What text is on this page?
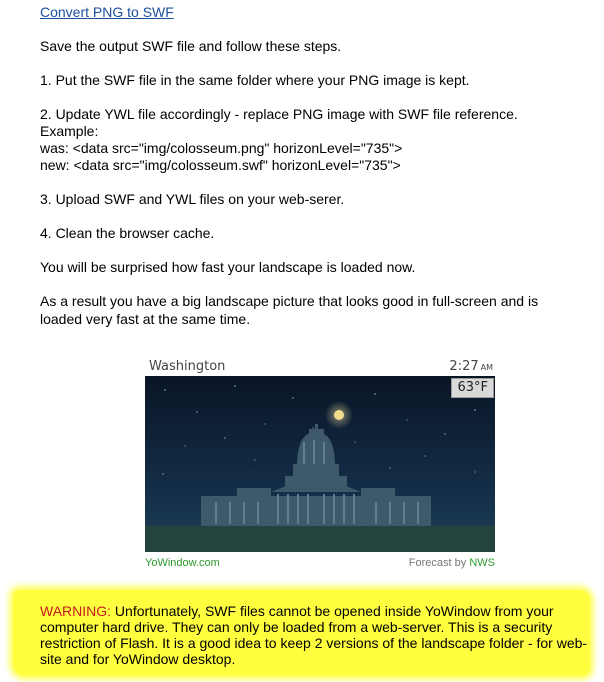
Convert PNG to SWF
Save the output SWF file and follow these steps.
1. Put the SWF file in the same folder where your PNG image is kept.
2. Update YWL file accordingly - replace PNG image with SWF file reference.
Example:
was: <data src="img/colosseum.png" horizonLevel="735">
new: <data src="img/colosseum.swf" horizonLevel="735">
3. Upload SWF and YWL files on your web-serer.
4. Clean the browser cache.
You will be surprised how fast your landscape is loaded now.
As a result you have a big landscape picture that looks good in full-screen and is
loaded very fast at the same time.
Washington	2:27 AM
63°F
YoWindow.com	Forecast by NWS
WARNING: Unfortunately, SWF files cannot be opened inside YoWindow from your computer hard drive. They can only be loaded from a web-server. This is a security restriction of Flash. It is a good idea to keep 2 versions of the landscape folder - for web-site and for YoWindow desktop.
